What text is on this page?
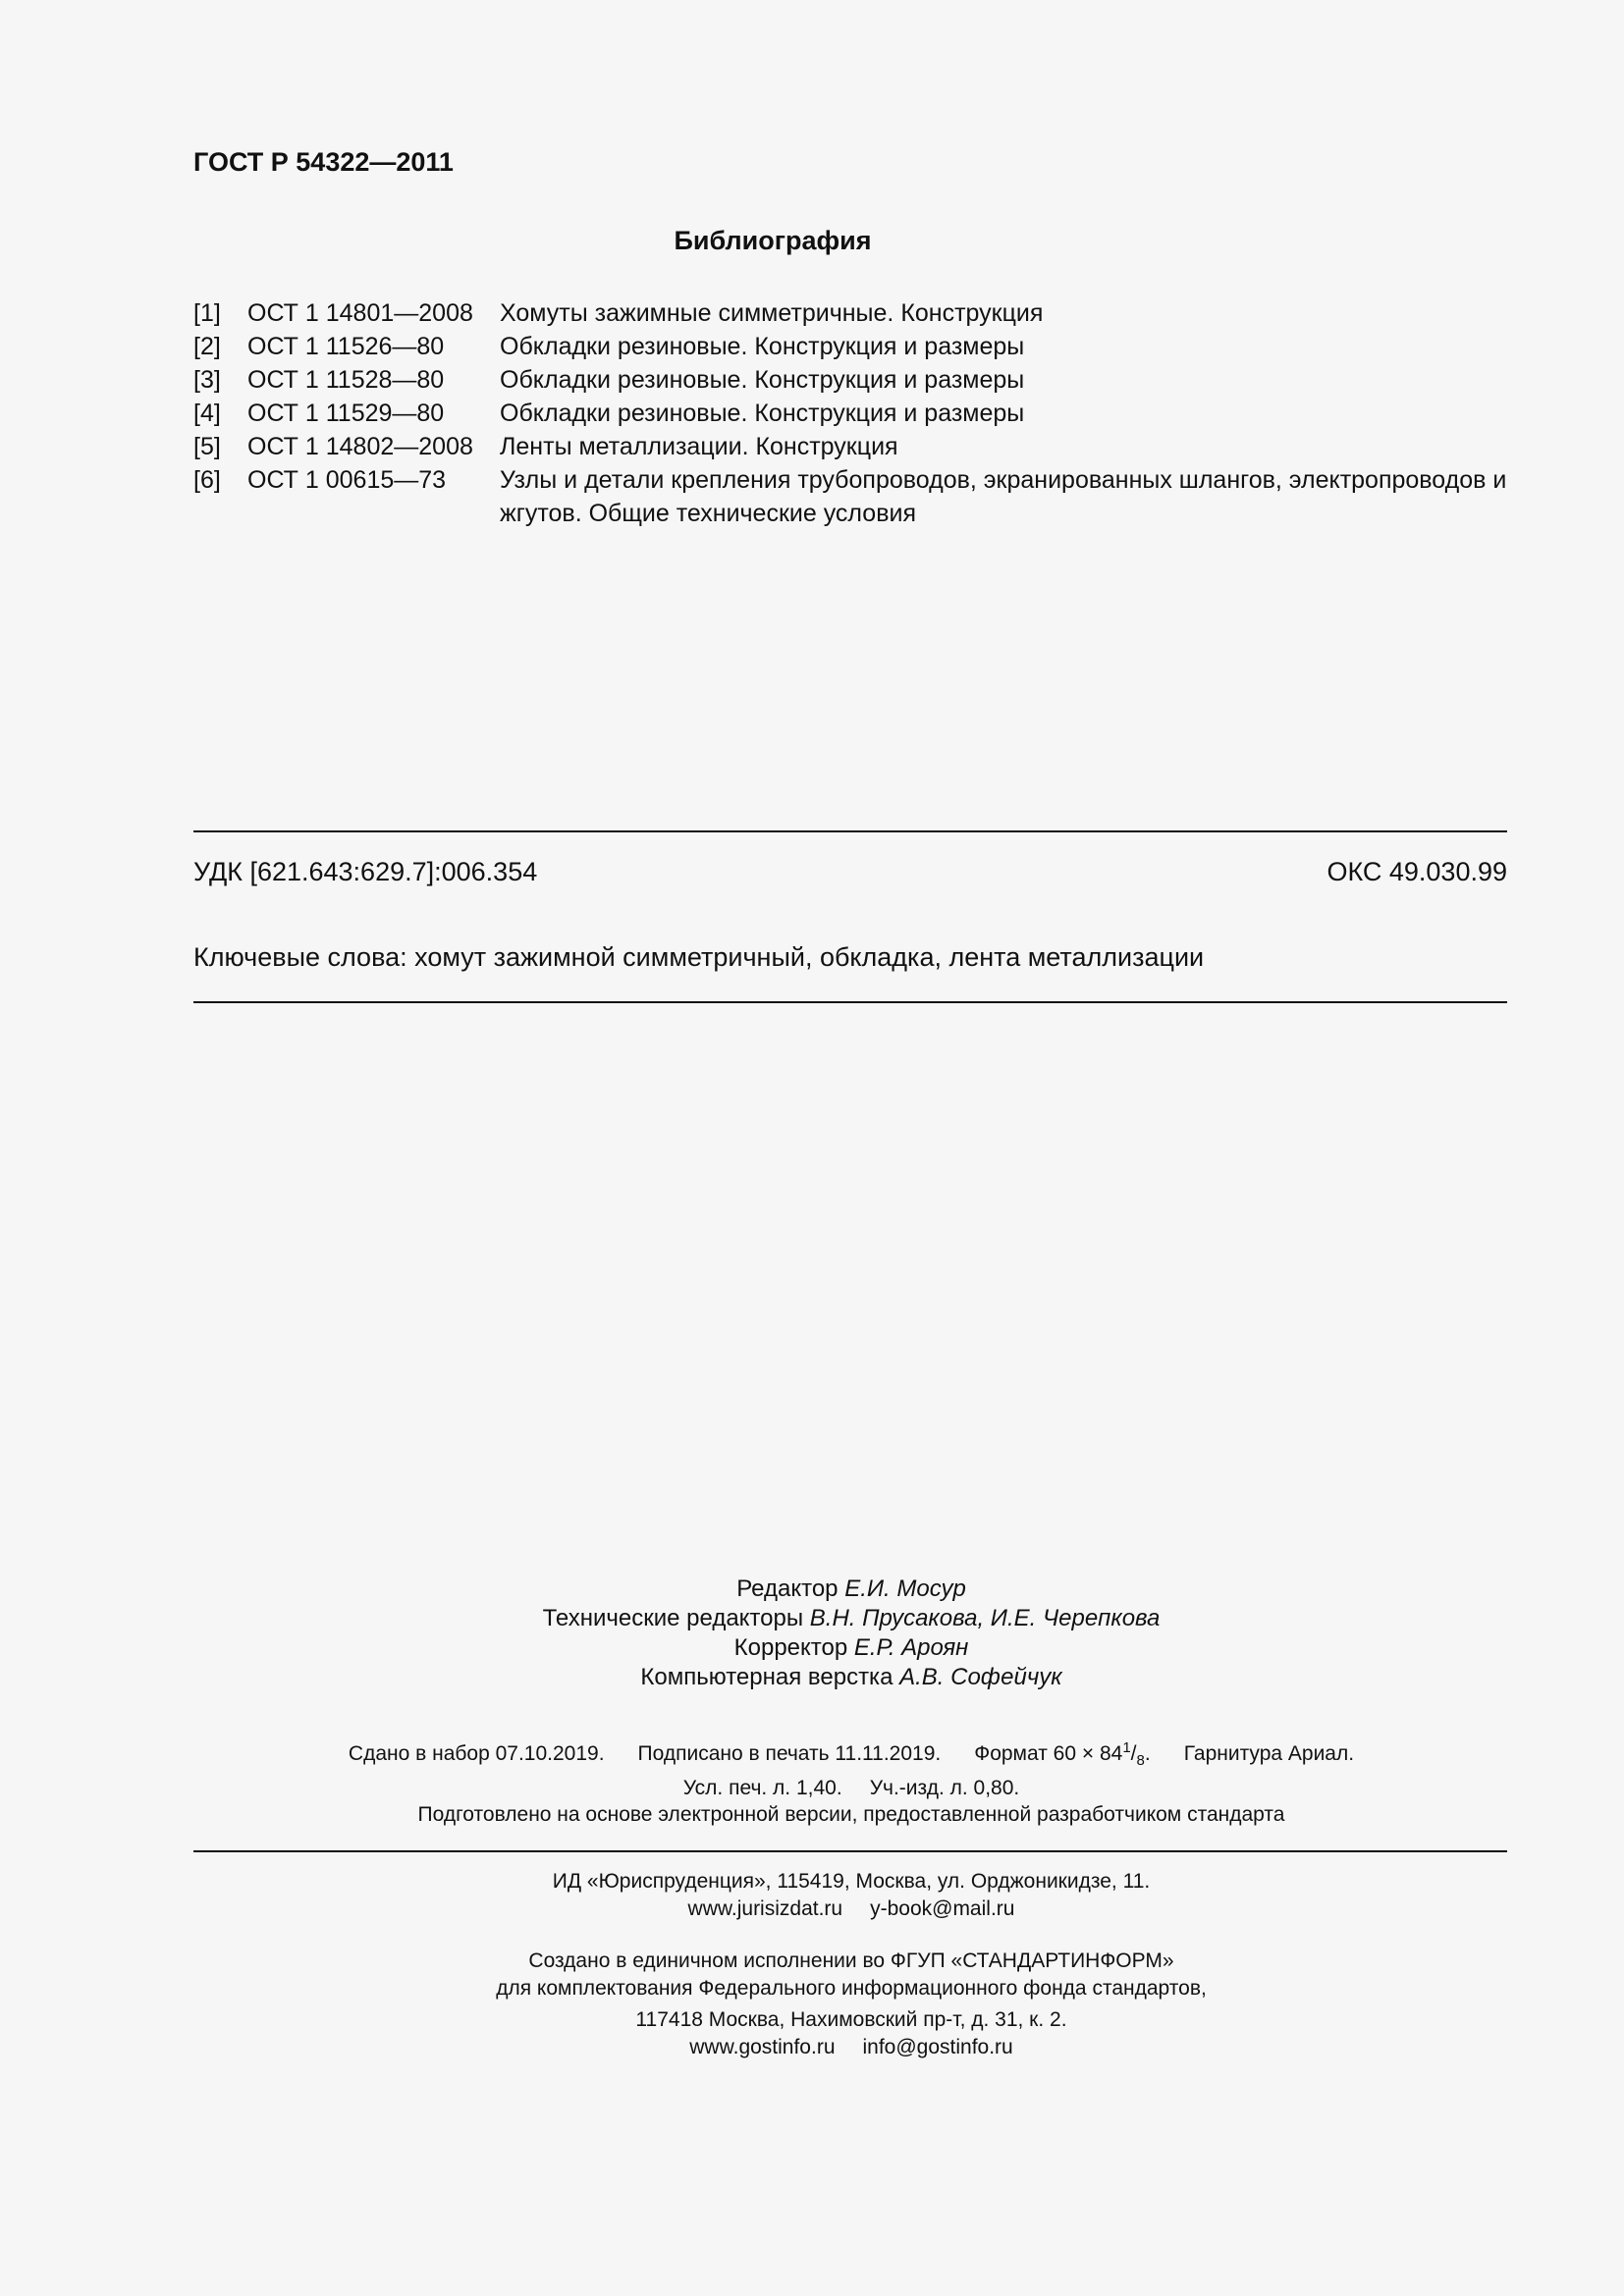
ГОСТ Р 54322—2011
Библиография
[1]	ОСТ 1 14801—2008	Хомуты зажимные симметричные. Конструкция
[2]	ОСТ 1 11526—80	Обкладки резиновые. Конструкция и размеры
[3]	ОСТ 1 11528—80	Обкладки резиновые. Конструкция и размеры
[4]	ОСТ 1 11529—80	Обкладки резиновые. Конструкция и размеры
[5]	ОСТ 1 14802—2008	Ленты металлизации. Конструкция
[6]	ОСТ 1 00615—73	Узлы и детали крепления трубопроводов, экранированных шлангов, электропроводов и жгутов. Общие технические условия
УДК [621.643:629.7]:006.354	ОКС 49.030.99
Ключевые слова: хомут зажимной симметричный, обкладка, лента металлизации
Редактор Е.И. Мосур
Технические редакторы В.Н. Прусакова, И.Е. Черепкова
Корректор Е.Р. Ароян
Компьютерная верстка А.В. Софейчук
Сдано в набор 07.10.2019. Подписано в печать 11.11.2019. Формат $60 \times 84^1/_8$. Гарнитура Ариал.
Усл. печ. л. 1,40. Уч.-изд. л. 0,80.
Подготовлено на основе электронной версии, предоставленной разработчиком стандарта
ИД «Юриспруденция», 115419, Москва, ул. Орджоникидзе, 11.
www.jurisizdat.ru y-book@mail.ru
Создано в единичном исполнении во ФГУП «СТАНДАРТИНФОРМ»
для комплектования Федерального информационного фонда стандартов,
117418 Москва, Нахимовский пр-т, д. 31, к. 2.
www.gostinfo.ru info@gostinfo.ru
